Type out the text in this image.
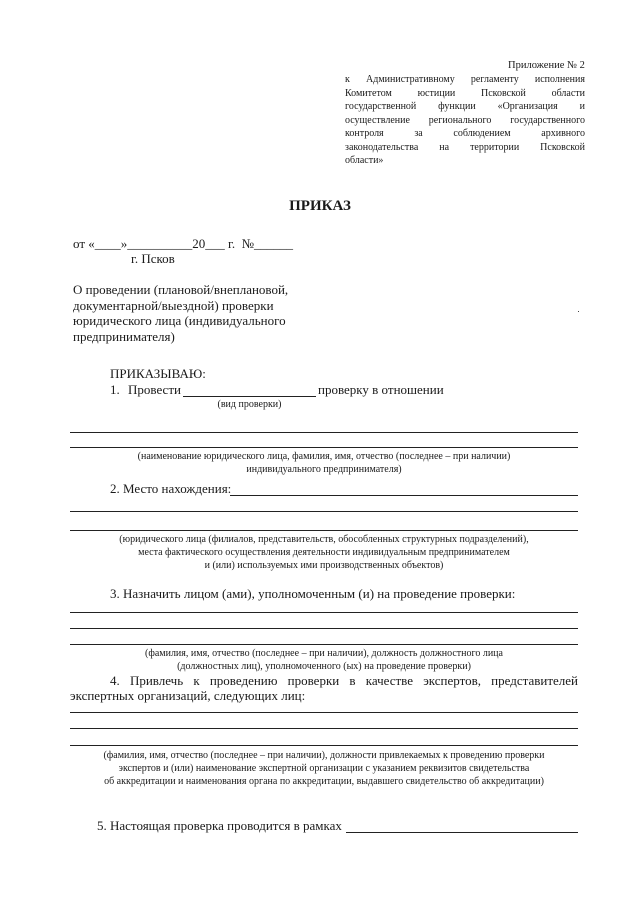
Приложение № 2
к Административному регламенту исполнения
Комитетом юстиции Псковской области
государственной функции «Организация и
осуществление регионального государственного
контроля за соблюдением архивного
законодательства на территории Псковской
области»
ПРИКАЗ
от «____»__________20___ г.  №______
г. Псков
О проведении (плановой/внеплановой,
документарной/выездной) проверки
юридического лица (индивидуального
предпринимателя)
ПРИКАЗЫВАЮ:
1. Провести	проверку в отношении
(вид проверки)
(наименование юридического лица, фамилия, имя, отчество (последнее – при наличии)
индивидуального предпринимателя)
2. Место нахождения:
(юридического лица (филиалов, представительств, обособленных структурных подразделений),
места фактического осуществления деятельности индивидуальным предпринимателем
и (или) используемых ими производственных объектов)
3. Назначить лицом (ами), уполномоченным (и) на проведение проверки:
(фамилия, имя, отчество (последнее – при наличии), должность должностного лица
(должностных лиц), уполномоченного (ых) на проведение проверки)
4. Привлечь к проведению проверки в качестве экспертов, представителей
экспертных организаций, следующих лиц:
(фамилия, имя, отчество (последнее – при наличии), должности привлекаемых к проведению проверки
экспертов и (или) наименование экспертной организации с указанием реквизитов свидетельства
об аккредитации и наименования органа по аккредитации, выдавшего свидетельство об аккредитации)
5. Настоящая проверка проводится в рамках
